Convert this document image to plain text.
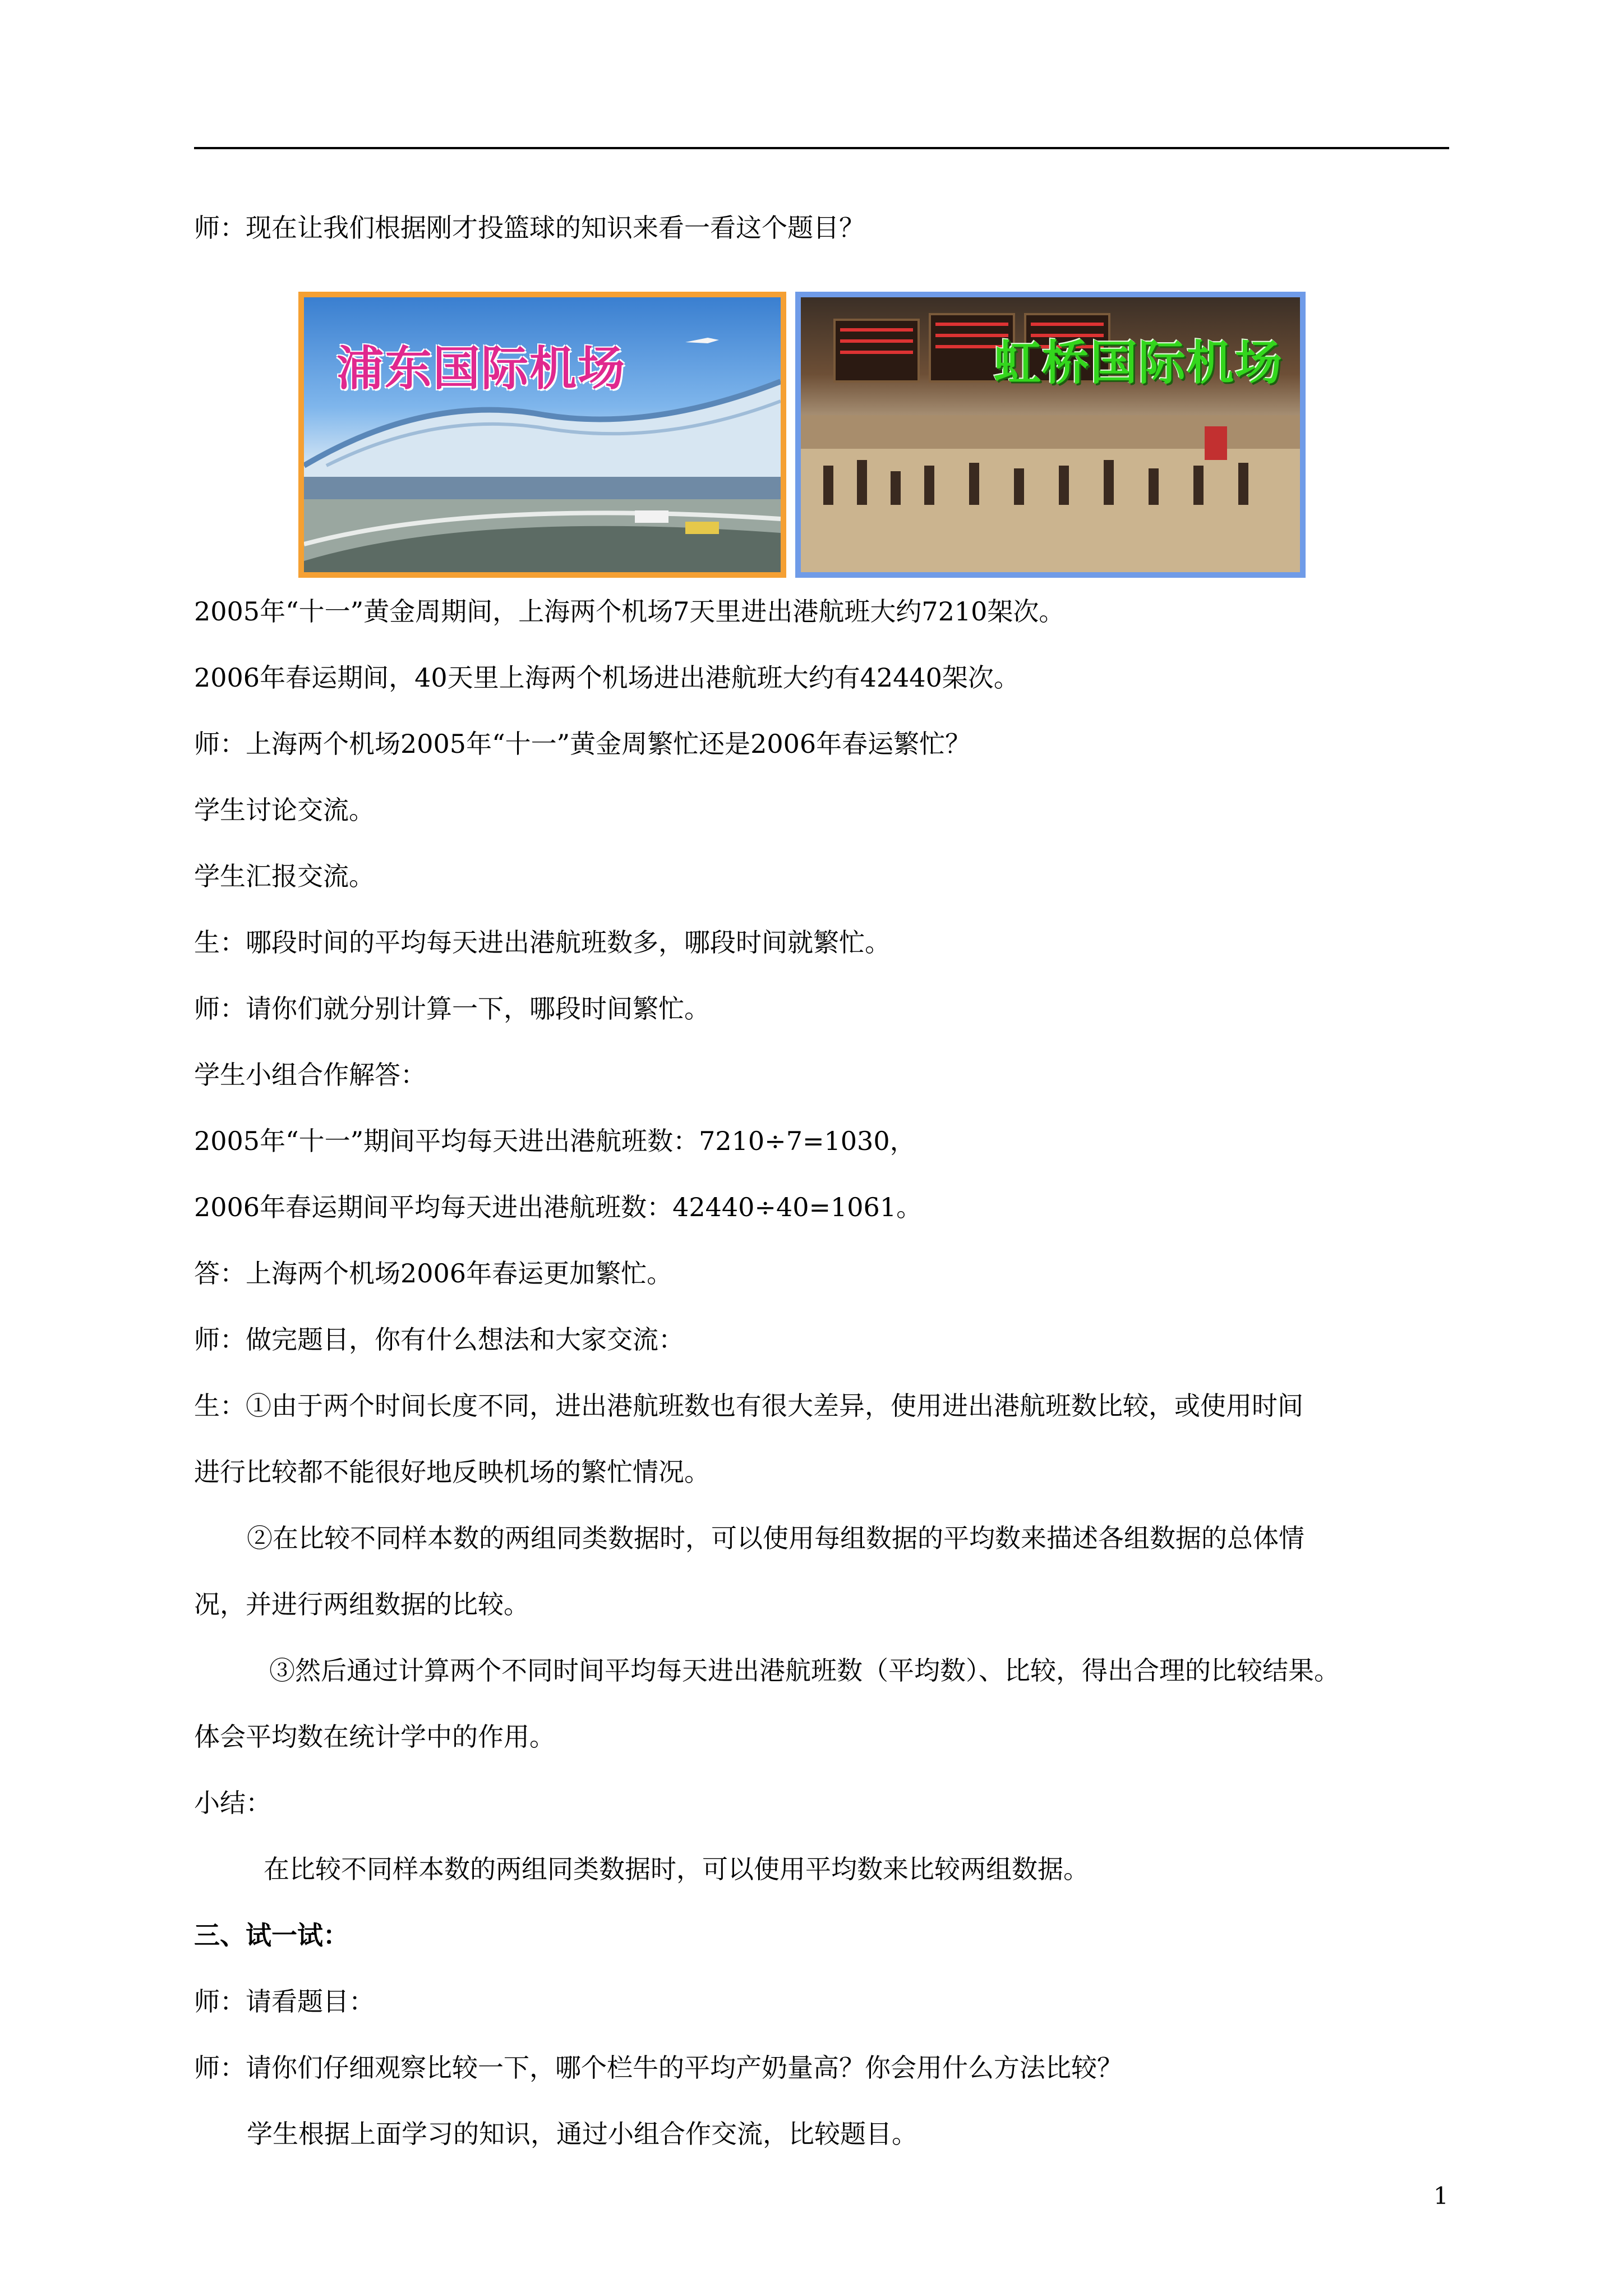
师：现在让我们根据刚才投篮球的知识来看一看这个题目？
浦东国际机场	虹桥国际机场
2005年“十一”黄金周期间，上海两个机场7天里进出港航班大约7210架次。
2006年春运期间，40天里上海两个机场进出港航班大约有42440架次。
师：上海两个机场2005年“十一”黄金周繁忙还是2006年春运繁忙？
学生讨论交流。
学生汇报交流。
生：哪段时间的平均每天进出港航班数多，哪段时间就繁忙。
师：请你们就分别计算一下，哪段时间繁忙。
学生小组合作解答：
2005年“十一”期间平均每天进出港航班数：7210÷7=1030，
2006年春运期间平均每天进出港航班数：42440÷40=1061。
答：上海两个机场2006年春运更加繁忙。
师：做完题目，你有什么想法和大家交流：
生：①由于两个时间长度不同，进出港航班数也有很大差异，使用进出港航班数比较，或使用时间
进行比较都不能很好地反映机场的繁忙情况。
②在比较不同样本数的两组同类数据时，可以使用每组数据的平均数来描述各组数据的总体情
况，并进行两组数据的比较。
③然后通过计算两个不同时间平均每天进出港航班数（平均数）、比较，得出合理的比较结果。
体会平均数在统计学中的作用。
小结：
在比较不同样本数的两组同类数据时，可以使用平均数来比较两组数据。
三、试一试：
师：请看题目：
师：请你们仔细观察比较一下，哪个栏牛的平均产奶量高？你会用什么方法比较？
学生根据上面学习的知识，通过小组合作交流，比较题目。
1
